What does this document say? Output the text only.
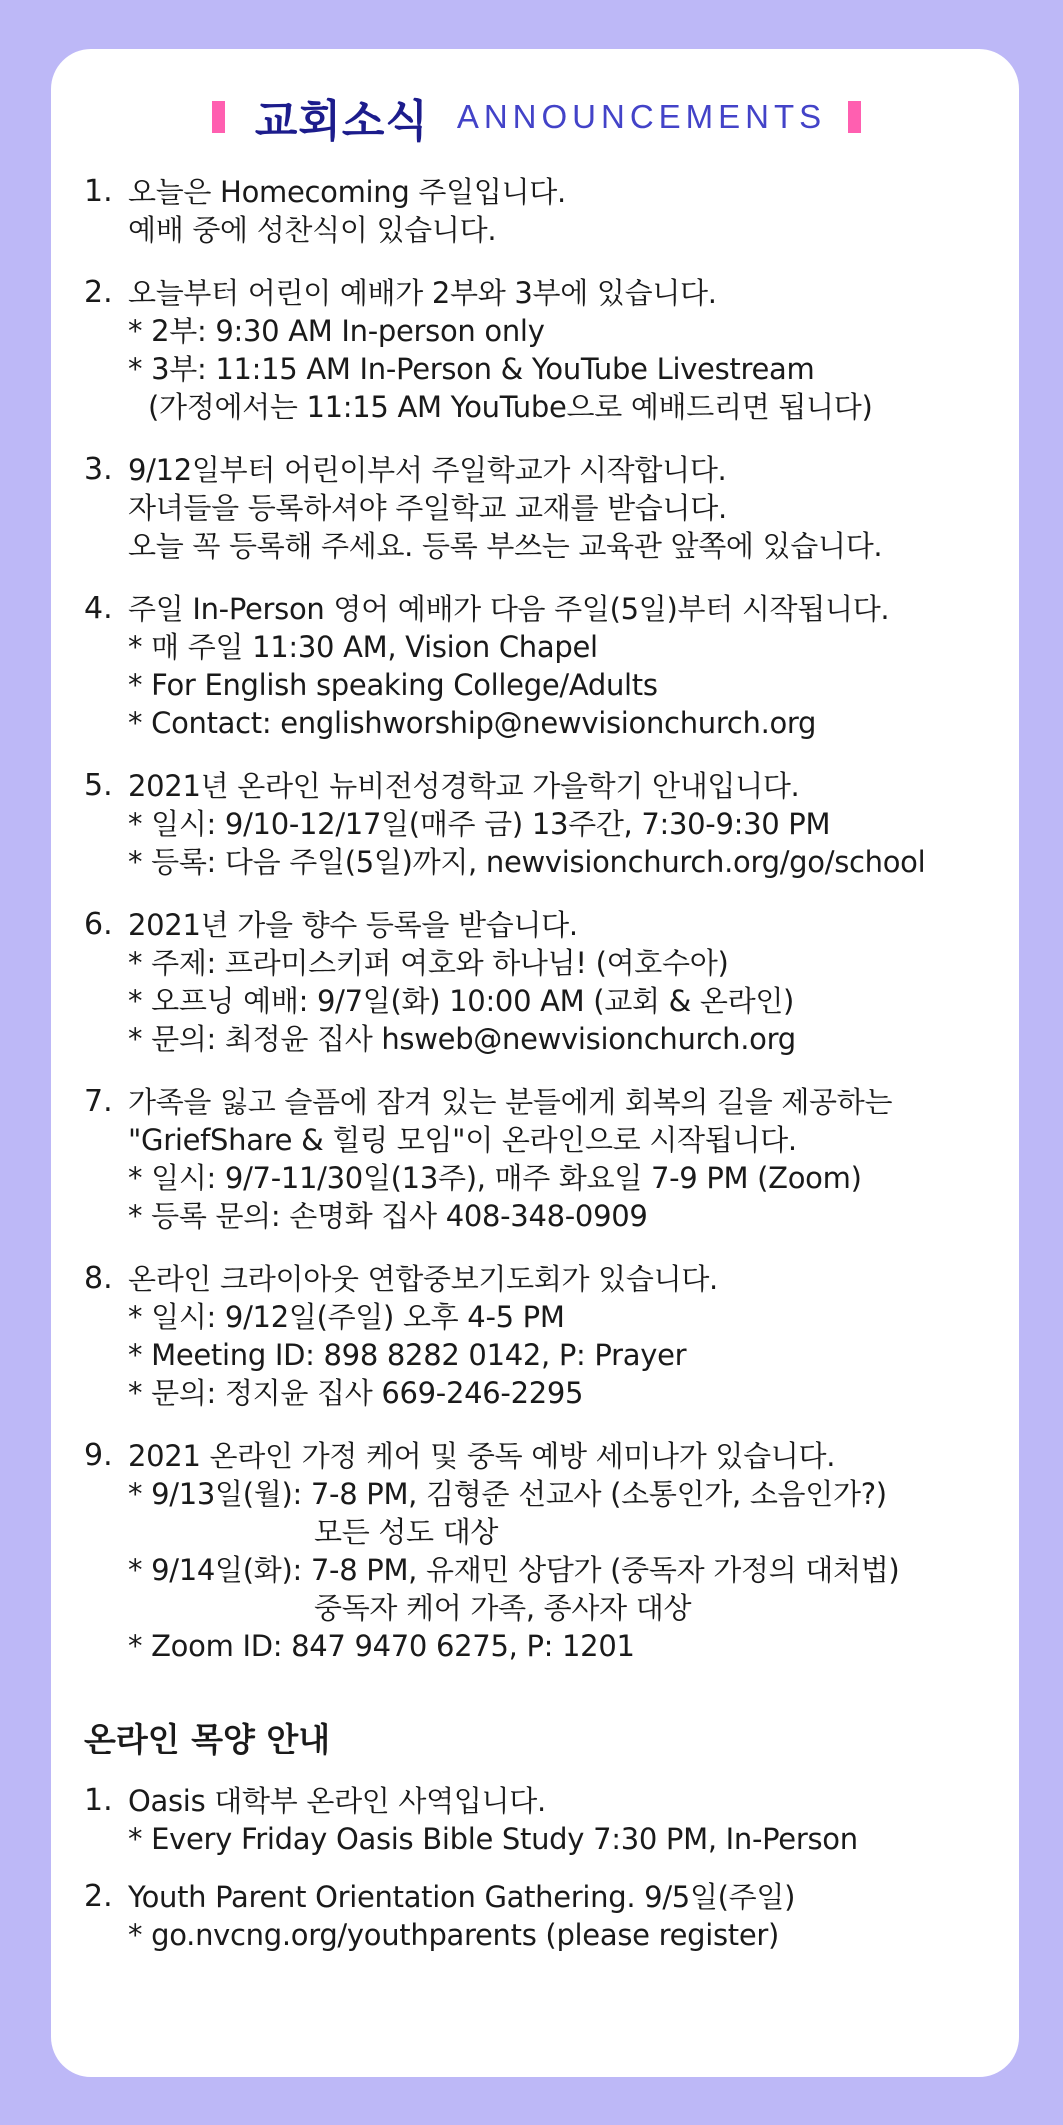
교회소식 ANNOUNCEMENTS
1. 오늘은 Homecoming 주일입니다.
예배 중에 성찬식이 있습니다.
2. 오늘부터 어린이 예배가 2부와 3부에 있습니다.
* 2부: 9:30 AM In-person only
* 3부: 11:15 AM In-Person & YouTube Livestream
(가정에서는 11:15 AM YouTube으로 예배드리면 됩니다)
3. 9/12일부터 어린이부서 주일학교가 시작합니다.
자녀들을 등록하셔야 주일학교 교재를 받습니다.
오늘 꼭 등록해 주세요. 등록 부쓰는 교육관 앞쪽에 있습니다.
4. 주일 In-Person 영어 예배가 다음 주일(5일)부터 시작됩니다.
* 매 주일 11:30 AM, Vision Chapel
* For English speaking College/Adults
* Contact: englishworship@newvisionchurch.org
5. 2021년 온라인 뉴비전성경학교 가을학기 안내입니다.
* 일시: 9/10-12/17일(매주 금) 13주간, 7:30-9:30 PM
* 등록: 다음 주일(5일)까지, newvisionchurch.org/go/school
6. 2021년 가을 향수 등록을 받습니다.
* 주제: 프라미스키퍼 여호와 하나님! (여호수아)
* 오프닝 예배: 9/7일(화) 10:00 AM (교회 & 온라인)
* 문의: 최정윤 집사 hsweb@newvisionchurch.org
7. 가족을 잃고 슬픔에 잠겨 있는 분들에게 회복의 길을 제공하는
"GriefShare & 힐링 모임"이 온라인으로 시작됩니다.
* 일시: 9/7-11/30일(13주), 매주 화요일 7-9 PM (Zoom)
* 등록 문의: 손명화 집사 408-348-0909
8. 온라인 크라이아웃 연합중보기도회가 있습니다.
* 일시: 9/12일(주일) 오후 4-5 PM
* Meeting ID: 898 8282 0142, P: Prayer
* 문의: 정지윤 집사 669-246-2295
9. 2021 온라인 가정 케어 및 중독 예방 세미나가 있습니다.
* 9/13일(월): 7-8 PM, 김형준 선교사 (소통인가, 소음인가?)
모든 성도 대상
* 9/14일(화): 7-8 PM, 유재민 상담가 (중독자 가정의 대처법)
중독자 케어 가족, 종사자 대상
* Zoom ID: 847 9470 6275, P: 1201
온라인 목양 안내
1. Oasis 대학부 온라인 사역입니다.
* Every Friday Oasis Bible Study 7:30 PM, In-Person
2. Youth Parent Orientation Gathering. 9/5일(주일)
* go.nvcng.org/youthparents (please register)
